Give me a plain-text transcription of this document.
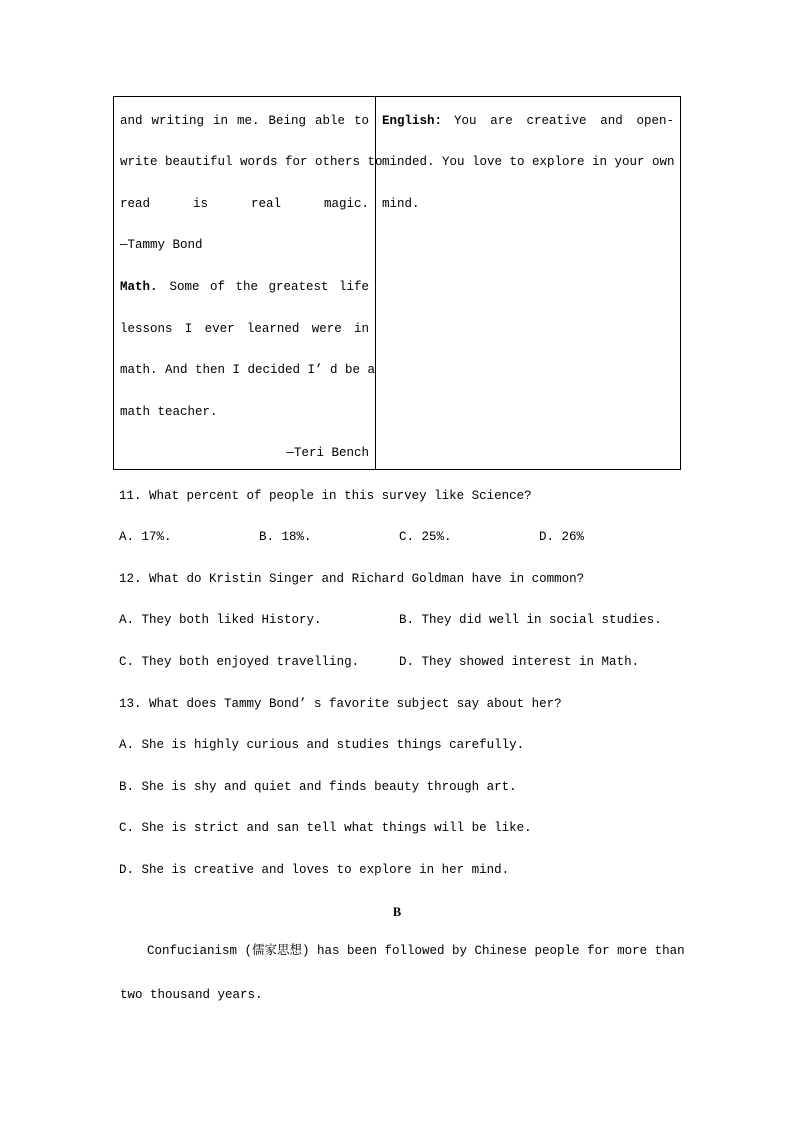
and writing in me. Being able to
write beautiful words for others to
read is real magic.
—Tammy Bond
Math. Some of the greatest life
lessons I ever learned were in
math. And then I decided I’ d be a
math teacher.
—Teri Bench
English: You are creative and open-
minded. You love to explore in your own
mind.
11. What percent of people in this survey like Science?
A. 17%.	B. 18%.	C. 25%.	D. 26%
12. What do Kristin Singer and Richard Goldman have in common?
A. They both liked History.	B. They did well in social studies.
C. They both enjoyed travelling.	D. They showed interest in Math.
13. What does Tammy Bond’ s favorite subject say about her?
A. She is highly curious and studies things carefully.
B. She is shy and quiet and finds beauty through art.
C. She is strict and san tell what things will be like.
D. She is creative and loves to explore in her mind.
B
Confucianism (儒家思想) has been followed by Chinese people for more than
two thousand years.
